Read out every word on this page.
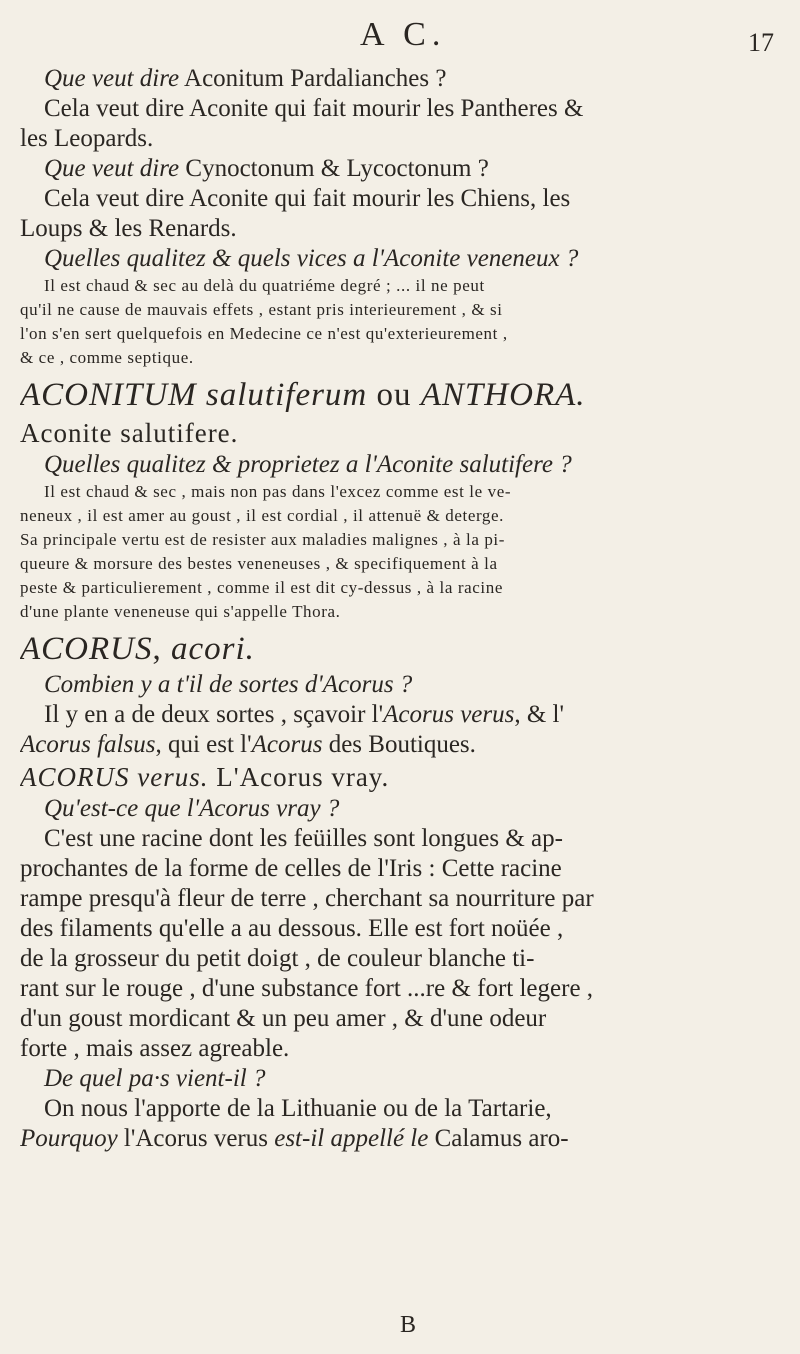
A C.	17
Que veut dire Aconitum Pardalianches ?
Cela veut dire Aconite qui fait mourir les Pantheres &
les Leopards.
Que veut dire Cynoctonum & Lycoctonum ?
Cela veut dire Aconite qui fait mourir les Chiens, les
Loups & les Renards.
Quelles qualitez & quels vices a l'Aconite veneneux ?
Il est chaud & sec au delà du quatriéme degré ; ... il ne peut
qu'il ne cause de mauvais effets , estant pris interieurement , & si
l'on s'en sert quelquefois en Medecine ce n'est qu'exterieurement ,
& ce , comme septique.
ACONITUM salutiferum ou ANTHORA.
Aconite salutifere.
Quelles qualitez & proprietez a l'Aconite salutifere ?
Il est chaud & sec , mais non pas dans l'excez comme est le ve-
neneux , il est amer au goust , il est cordial , il attenuë & deterge.
Sa principale vertu est de resister aux maladies malignes , à la pi-
queure & morsure des bestes veneneuses , & specifiquement à la
peste & particulierement , comme il est dit cy-dessus , à la racine
d'une plante veneneuse qui s'appelle Thora.
ACORUS, acori.
Combien y a t'il de sortes d'Acorus ?
Il y en a de deux sortes , sçavoir l'Acorus verus, & l'
Acorus falsus, qui est l'Acorus des Boutiques.
ACORUS verus. L'Acorus vray.
Qu'est-ce que l'Acorus vray ?
C'est une racine dont les feüilles sont longues & ap-
prochantes de la forme de celles de l'Iris : Cette racine
rampe presqu'à fleur de terre , cherchant sa nourriture par
des filaments qu'elle a au dessous. Elle est fort noüée ,
de la grosseur du petit doigt , de couleur blanche ti-
rant sur le rouge , d'une substance fort ...re & fort legere ,
d'un goust mordicant & un peu amer , & d'une odeur
forte , mais assez agreable.
De quel pa·s vient-il ?
On nous l'apporte de la Lithuanie ou de la Tartarie,
Pourquoy l'Acorus verus est-il appellé le Calamus aro-
B
